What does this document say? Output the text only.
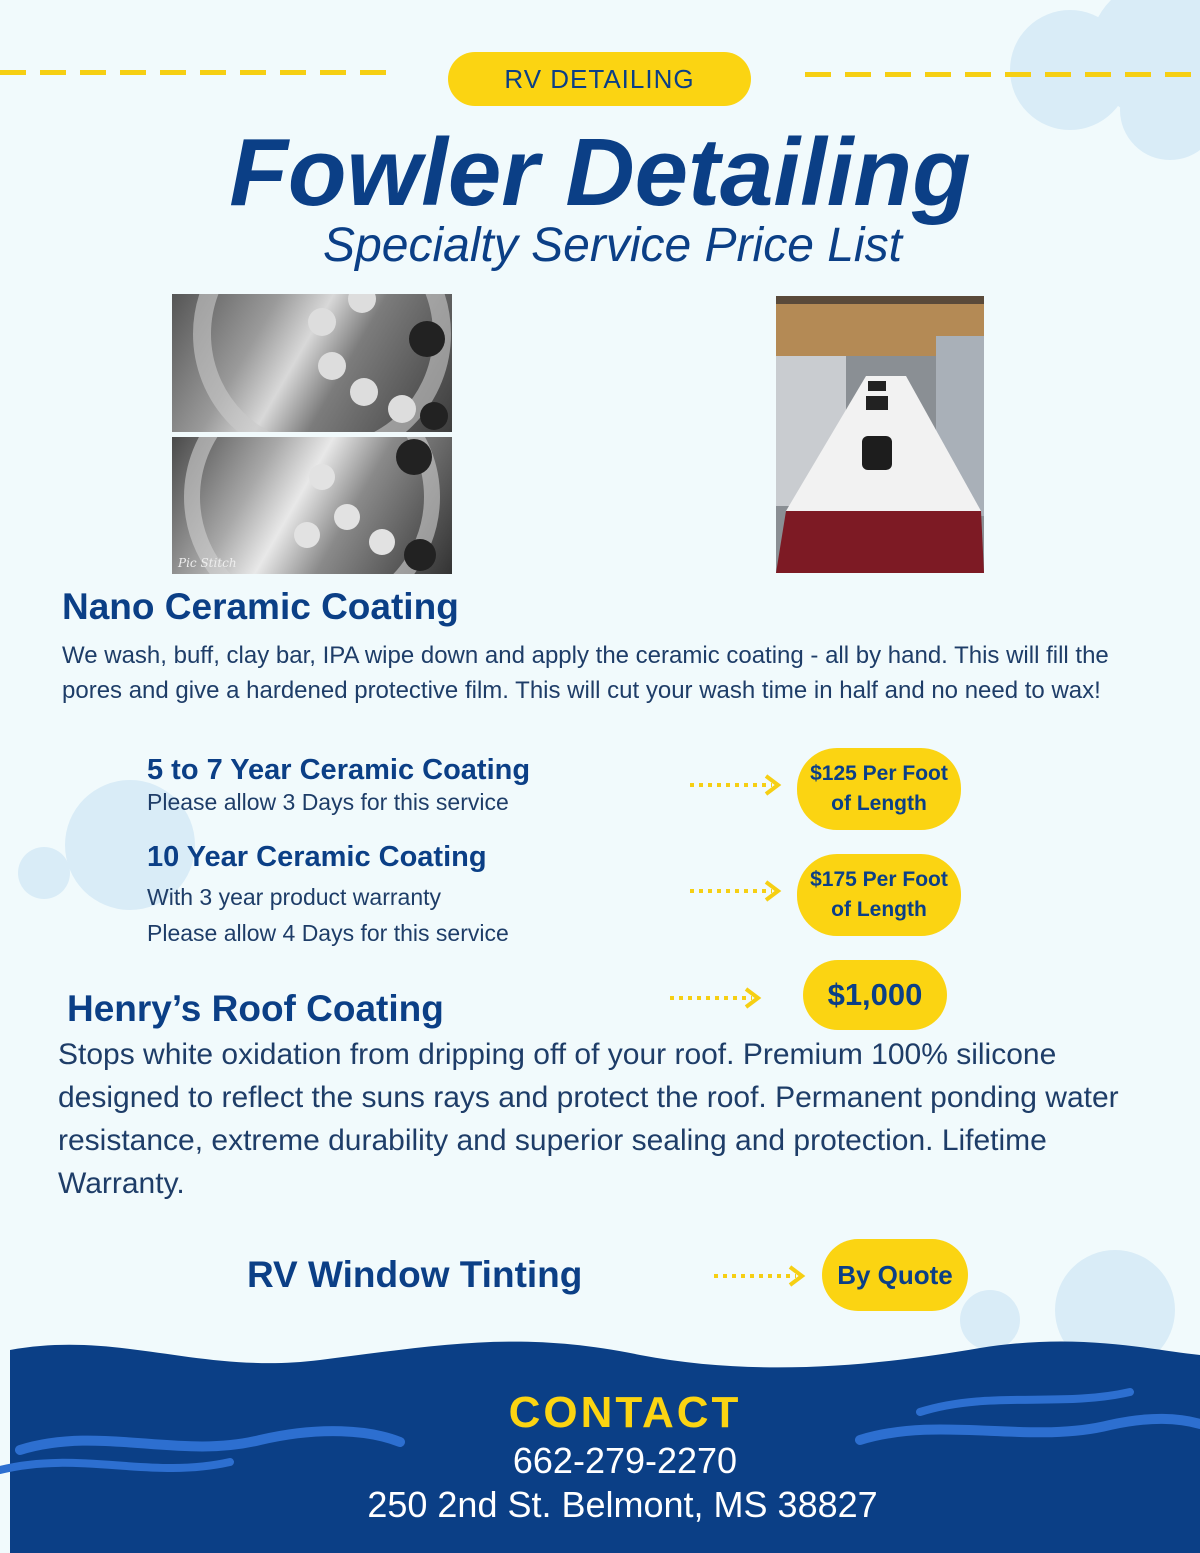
RV DETAILING
Fowler Detailing
Specialty Service Price List
Pic Stitch
Nano Ceramic Coating
We wash, buff, clay bar, IPA wipe down and apply the ceramic coating - all by hand. This will fill the pores and give a hardened protective film. This will cut your wash time in half and no need to wax!
5 to 7 Year Ceramic Coating
Please allow 3 Days for this service
$125 Per Foot
of Length
10 Year Ceramic Coating
With 3 year product warranty
Please allow 4 Days for this service
$175 Per Foot
of Length
Henry’s Roof Coating	$1,000
Stops white oxidation from dripping off of your roof. Premium 100% silicone designed to reflect the suns rays and protect the roof. Permanent ponding water resistance, extreme durability and superior sealing and protection. Lifetime Warranty.
RV Window Tinting	By Quote
CONTACT
662-279-2270
250 2nd St. Belmont, MS 38827
